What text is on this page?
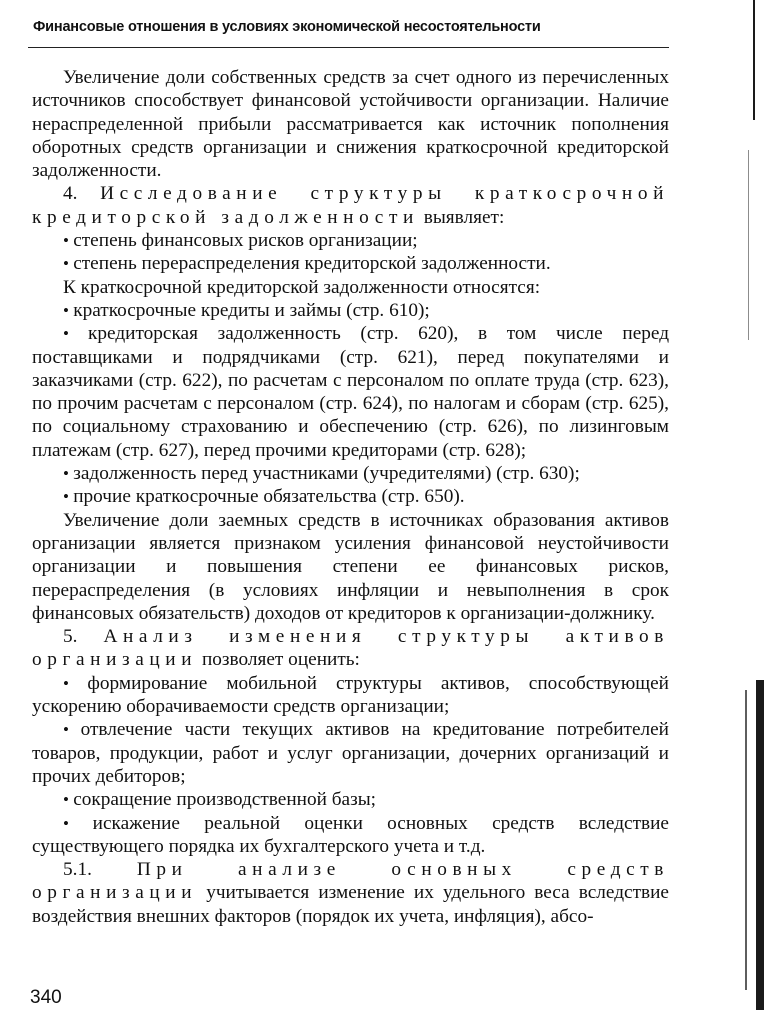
Финансовые отношения в условиях экономической несостоятельности

Увеличение доли собственных средств за счет одного из перечисленных источников способствует финансовой устойчивости организации. Наличие нераспределенной прибыли рассматривается как источник пополнения оборотных средств организации и снижения краткосрочной кредиторской задолженности.

4. Исследование структуры краткосрочной кредиторской задолженности выявляет:

• степень финансовых рисков организации;

• степень перераспределения кредиторской задолженности.

К краткосрочной кредиторской задолженности относятся:

• краткосрочные кредиты и займы (стр. 610);

• кредиторская задолженность (стр. 620), в том числе перед поставщиками и подрядчиками (стр. 621), перед покупателями и заказчиками (стр. 622), по расчетам с персоналом по оплате труда (стр. 623), по прочим расчетам с персоналом (стр. 624), по налогам и сборам (стр. 625), по социальному страхованию и обеспечению (стр. 626), по лизинговым платежам (стр. 627), перед прочими кредиторами (стр. 628);

• задолженность перед участниками (учредителями) (стр. 630);

• прочие краткосрочные обязательства (стр. 650).

Увеличение доли заемных средств в источниках образования активов организации является признаком усиления финансовой неустойчивости организации и повышения степени ее финансовых рисков, перераспределения (в условиях инфляции и невыполнения в срок финансовых обязательств) доходов от кредиторов к организации-должнику.

5. Анализ изменения структуры активов организации позволяет оценить:

• формирование мобильной структуры активов, способствующей ускорению оборачиваемости средств организации;

• отвлечение части текущих активов на кредитование потребителей товаров, продукции, работ и услуг организации, дочерних организаций и прочих дебиторов;

• сокращение производственной базы;

• искажение реальной оценки основных средств вследствие существующего порядка их бухгалтерского учета и т.д.

5.1. При анализе основных средств организации учитывается изменение их удельного веса вследствие воздействия внешних факторов (порядок их учета, инфляция), абсо-

340
